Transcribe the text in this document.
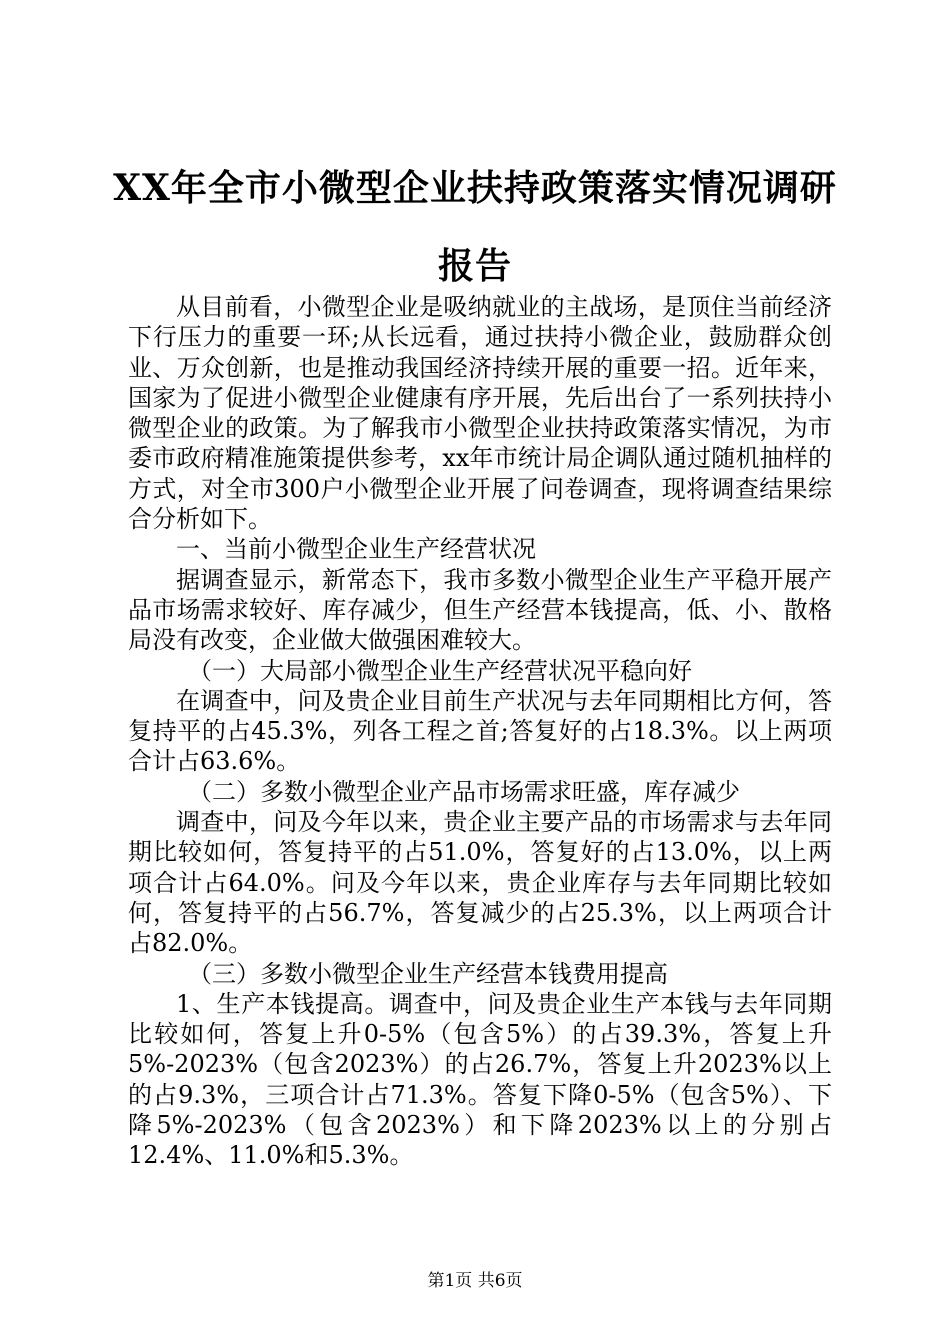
XX年全市小微型企业扶持政策落实情况调研
报告

从目前看，小微型企业是吸纳就业的主战场，是顶住当前经济下行压力的重要一环;从长远看，通过扶持小微企业，鼓励群众创业、万众创新，也是推动我国经济持续开展的重要一招。近年来，国家为了促进小微型企业健康有序开展，先后出台了一系列扶持小微型企业的政策。为了解我市小微型企业扶持政策落实情况，为市委市政府精准施策提供参考，xx年市统计局企调队通过随机抽样的方式，对全市300户小微型企业开展了问卷调查，现将调查结果综合分析如下。

一、当前小微型企业生产经营状况

据调查显示，新常态下，我市多数小微型企业生产平稳开展产品市场需求较好、库存减少，但生产经营本钱提高，低、小、散格局没有改变，企业做大做强困难较大。

（一）大局部小微型企业生产经营状况平稳向好

在调查中，问及贵企业目前生产状况与去年同期相比方何，答复持平的占45.3%，列各工程之首;答复好的占18.3%。以上两项合计占63.6%。

（二）多数小微型企业产品市场需求旺盛，库存减少

调查中，问及今年以来，贵企业主要产品的市场需求与去年同期比较如何，答复持平的占51.0%，答复好的占13.0%，以上两项合计占64.0%。问及今年以来，贵企业库存与去年同期比较如何，答复持平的占56.7%，答复减少的占25.3%，以上两项合计占82.0%。

（三）多数小微型企业生产经营本钱费用提高

1、生产本钱提高。调查中，问及贵企业生产本钱与去年同期比较如何，答复上升0-5%（包含5%）的占39.3%，答复上升5%-2023%（包含2023%）的占26.7%，答复上升2023%以上的占9.3%，三项合计占71.3%。答复下降0-5%（包含5%）、下降5%-2023%（包含2023%）和下降2023%以上的分别占12.4%、11.0%和5.3%。

第1页 共6页
